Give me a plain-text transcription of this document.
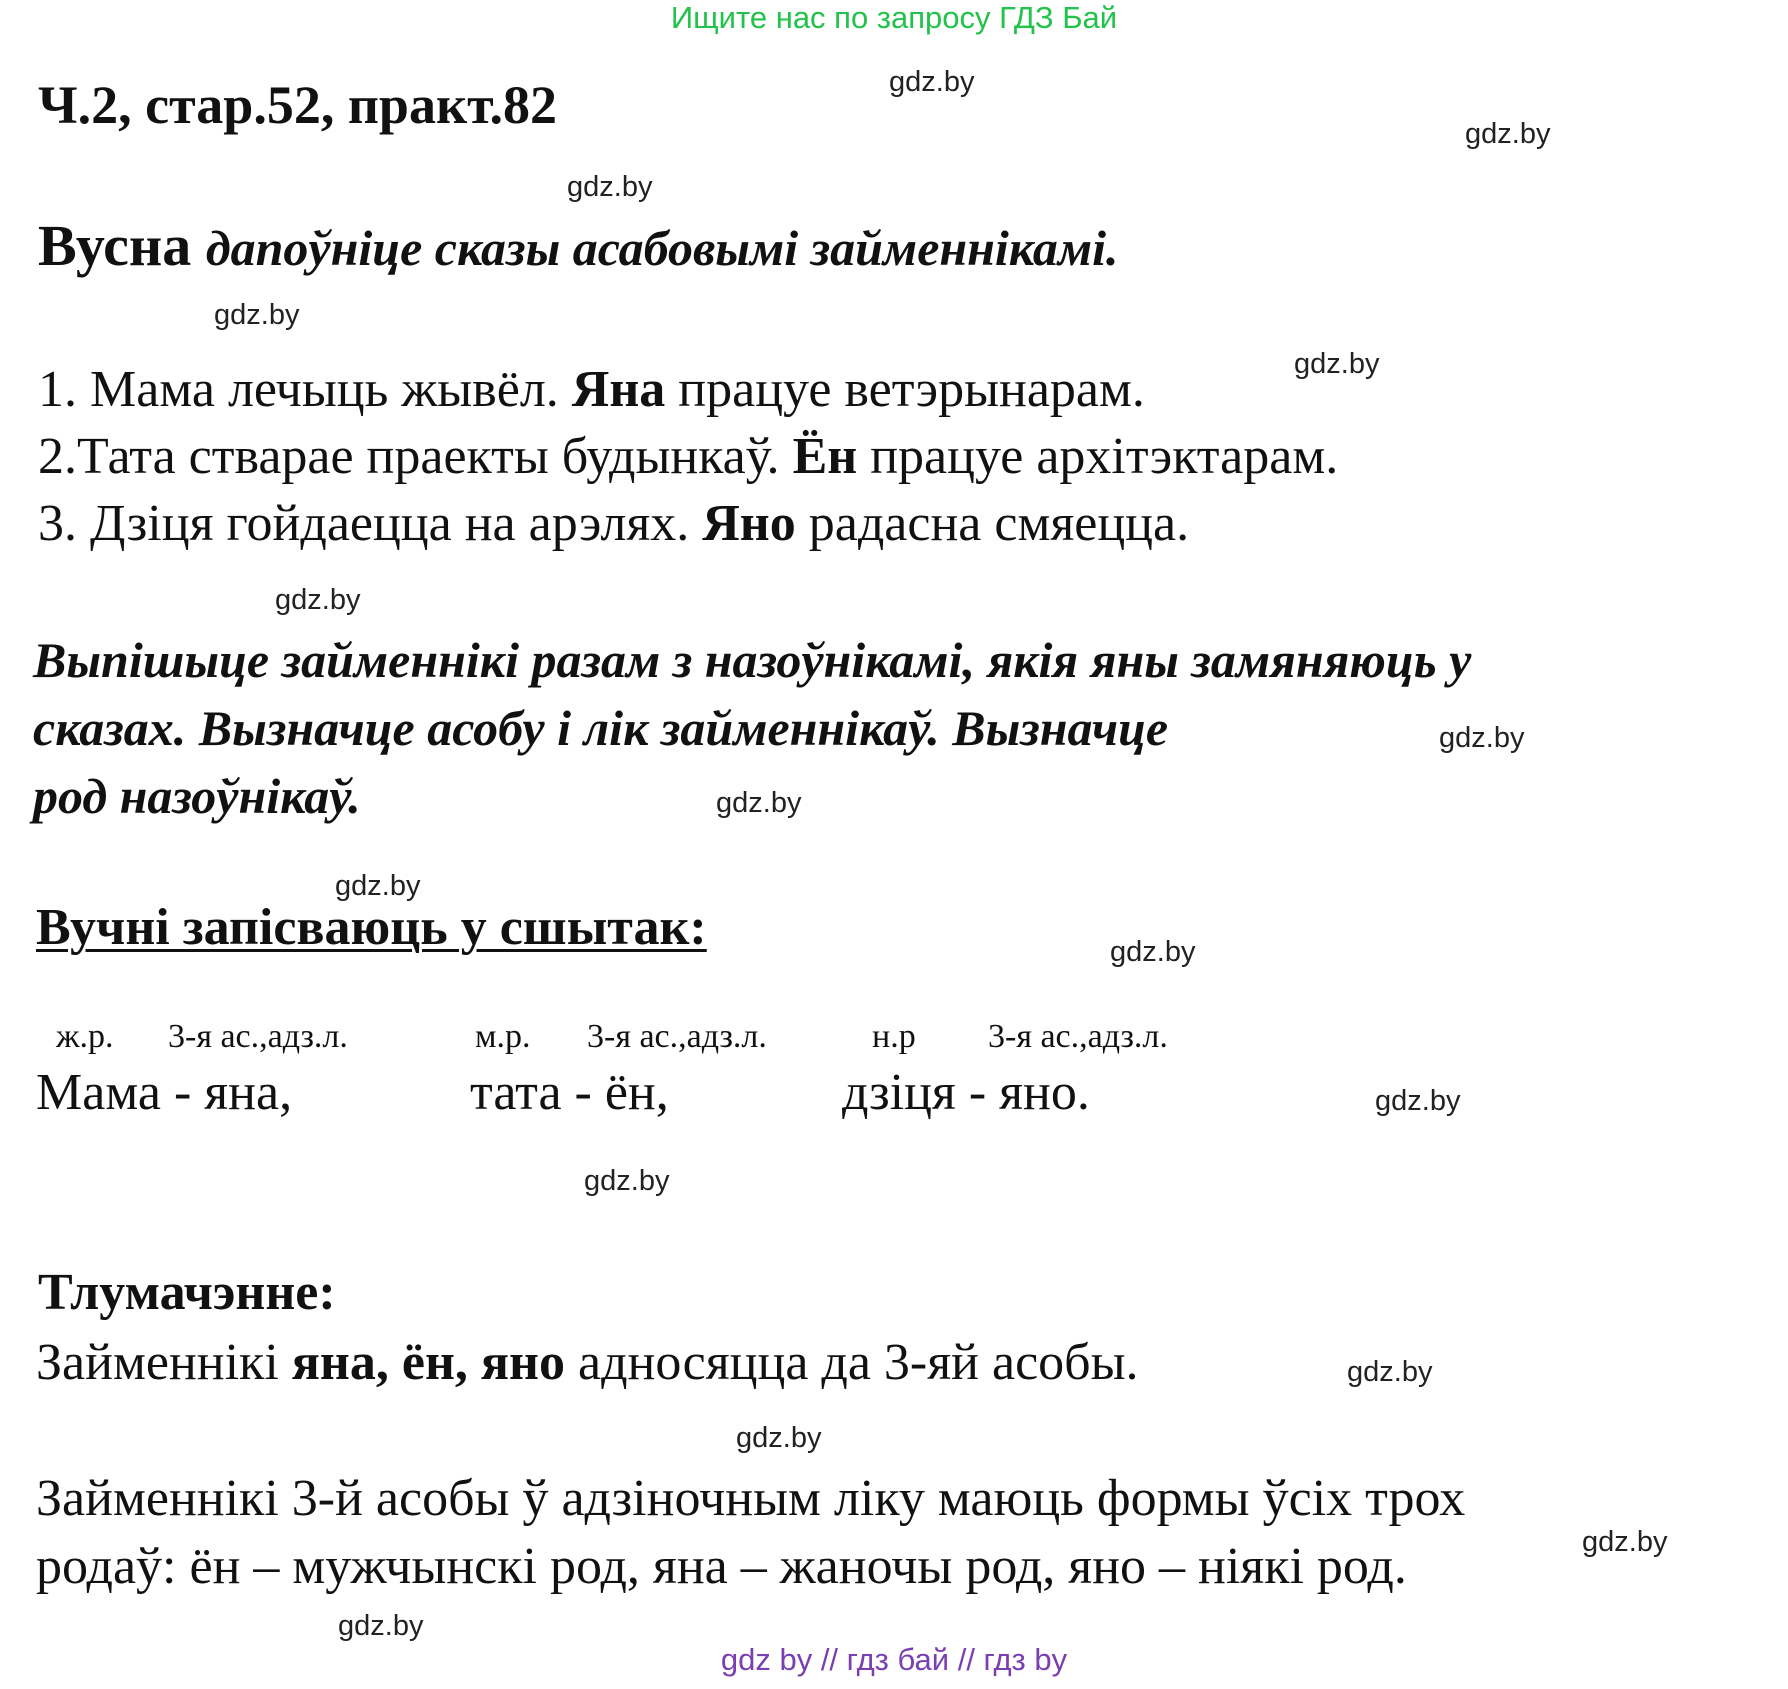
Ищите нас по запросу ГДЗ Бай
Ч.2, стар.52, практ.82
Вусна дапоўніце сказы асабовымі займеннікамі.
1. Мама лечыць жывёл. Яна працуе ветэрынарам.
2.Тата стварае праекты будынкаў. Ён працуе архітэктарам.
3. Дзіця гойдаецца на арэлях. Яно радасна смяецца.
Выпішыце займеннікі разам з назоўнікамі, якія яны замяняюць у
сказах. Вызначце асобу і лік займеннікаў. Вызначце
род назоўнікаў.
Вучні запісваюць у сшытак:
ж.р. 3-я ас.,адз.л.	м.р. 3-я ас.,адз.л.	н.р 3-я ас.,адз.л.
Мама - яна,	тата - ён,	дзіця - яно.
Тлумачэнне:
Займеннікі яна, ён, яно адносяцца да 3-яй асобы.
Займеннікі 3-й асобы ў адзіночным ліку маюць формы ўсіх трох
родаў: ён – мужчынскі род, яна – жаночы род, яно – ніякі род.
gdz.by
gdz.by
gdz.by
gdz.by
gdz.by
gdz.by
gdz.by
gdz.by
gdz.by
gdz.by
gdz.by
gdz.by
gdz.by
gdz.by
gdz.by
gdz.by
gdz by // гдз бай // гдз by
